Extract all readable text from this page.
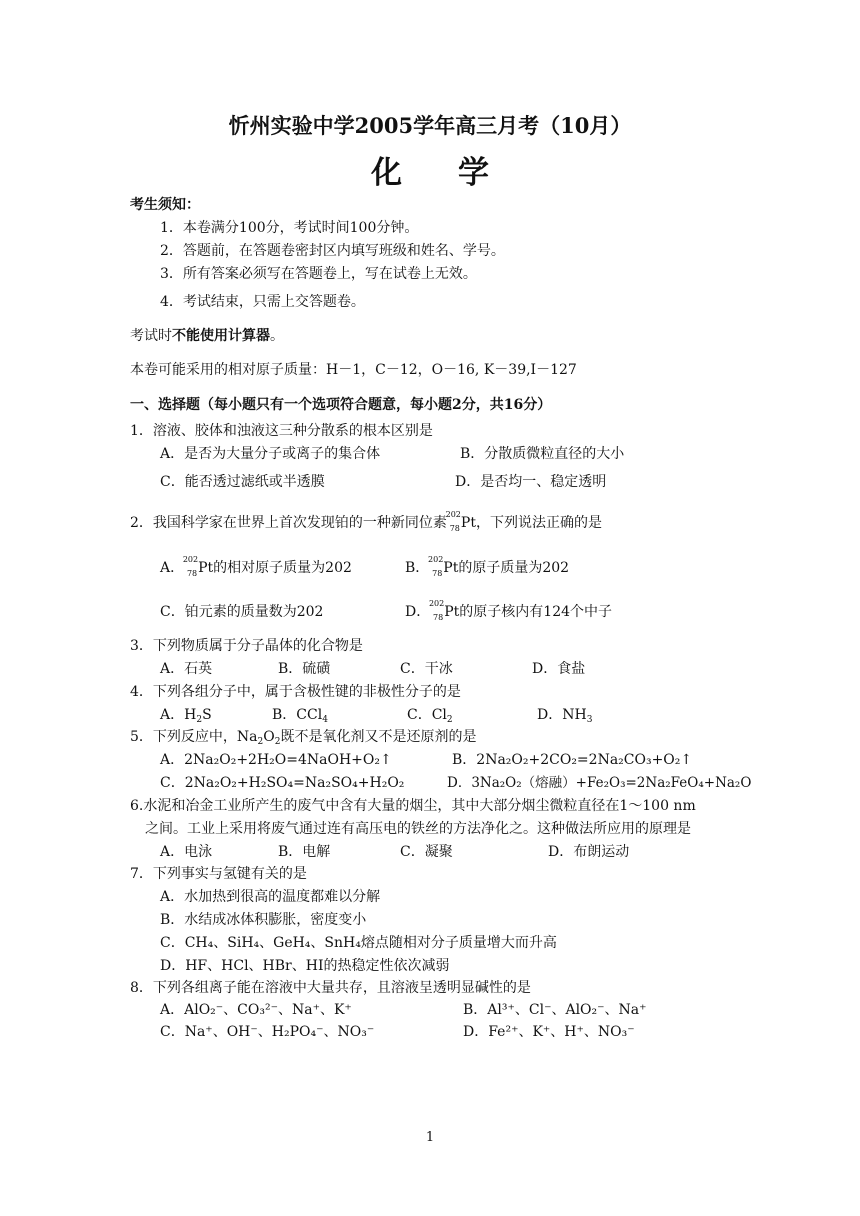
忻州实验中学2005学年高三月考（10月）
化学
考生须知：
1．本卷满分100分，考试时间100分钟。
2．答题前，在答题卷密封区内填写班级和姓名、学号。
3．所有答案必须写在答题卷上，写在试卷上无效。
4．考试结束，只需上交答题卷。
考试时不能使用计算器。
本卷可能采用的相对原子质量：H－1，C－12，O－16, K－39,I－127
一、选择题（每小题只有一个选项符合题意，每小题2分，共16分）
1．溶液、胶体和浊液这三种分散系的根本区别是
A．是否为大量分子或离子的集合体	B．分散质微粒直径的大小
C．能否透过滤纸或半透膜	D．是否均一、稳定透明
2．我国科学家在世界上首次发现铂的一种新同位素
202
78 Pt，下列说法正确的是
A．
202
78 Pt的相对原子质量为202	B．
202
78 Pt的原子质量为202
C．铂元素的质量数为202	D．
202
78 Pt的原子核内有124个中子
3．下列物质属于分子晶体的化合物是
A．石英	B．硫磺	C．干冰	D．食盐
4．下列各组分子中，属于含极性键的非极性分子的是
A．$H_2S$	B．CCl$_4$	C．$Cl_2$	D．$NH_3$
5．下列反应中，$Na_2O_2$既不是氧化剂又不是还原剂的是
A．2Na₂O₂+2H₂O=4NaOH+O₂↑	B．2Na₂O₂+2CO₂=2Na₂CO₃+O₂↑
C．2Na₂O₂+H₂SO₄=Na₂SO₄+H₂O₂	D．3Na₂O₂（熔融）+Fe₂O₃=2Na₂FeO₄+Na₂O
6.水泥和冶金工业所产生的废气中含有大量的烟尘，其中大部分烟尘微粒直径在1～100 nm
之间。工业上采用将废气通过连有高压电的铁丝的方法净化之。这种做法所应用的原理是
A．电泳	B．电解	C．凝聚	D．布朗运动
7．下列事实与氢键有关的是
A．水加热到很高的温度都难以分解
B．水结成冰体积膨胀，密度变小
C．CH₄、SiH₄、GeH₄、SnH₄熔点随相对分子质量增大而升高
D．HF、HCl、HBr、HI的热稳定性依次减弱
8．下列各组离子能在溶液中大量共存，且溶液呈透明显碱性的是
A．AlO₂⁻、CO₃²⁻、Na⁺、K⁺	B．Al³⁺、Cl⁻、AlO₂⁻、Na⁺
C．Na⁺、OH⁻、H₂PO₄⁻、NO₃⁻	D．Fe²⁺、K⁺、H⁺、NO₃⁻
1
